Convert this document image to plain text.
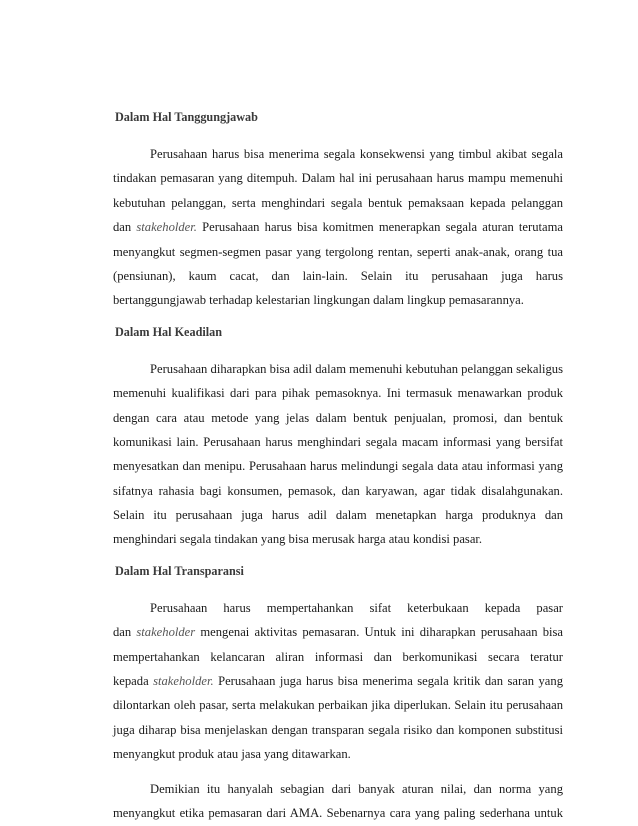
Dalam Hal Tanggungjawab
Perusahaan harus bisa menerima segala konsekwensi yang timbul akibat segala
tindakan pemasaran yang ditempuh. Dalam hal ini perusahaan harus mampu memenuhi
kebutuhan pelanggan, serta menghindari segala bentuk pemaksaan kepada pelanggan
dan stakeholder. Perusahaan harus bisa komitmen menerapkan segala aturan terutama
menyangkut segmen-segmen pasar yang tergolong rentan, seperti anak-anak, orang tua
(pensiunan), kaum cacat, dan lain-lain. Selain itu perusahaan juga harus
bertanggungjawab terhadap kelestarian lingkungan dalam lingkup pemasarannya.
Dalam Hal Keadilan
Perusahaan diharapkan bisa adil dalam memenuhi kebutuhan pelanggan sekaligus
memenuhi kualifikasi dari para pihak pemasoknya. Ini termasuk menawarkan produk
dengan cara atau metode yang jelas dalam bentuk penjualan, promosi, dan bentuk
komunikasi lain. Perusahaan harus menghindari segala macam informasi yang bersifat
menyesatkan dan menipu. Perusahaan harus melindungi segala data atau informasi yang
sifatnya rahasia bagi konsumen, pemasok, dan karyawan, agar tidak disalahgunakan.
Selain itu perusahaan juga harus adil dalam menetapkan harga produknya dan
menghindari segala tindakan yang bisa merusak harga atau kondisi pasar.
Dalam Hal Transparansi
Perusahaan harus mempertahankan sifat keterbukaan kepada pasar
dan stakeholder mengenai aktivitas pemasaran. Untuk ini diharapkan perusahaan bisa
mempertahankan kelancaran aliran informasi dan berkomunikasi secara teratur
kepada stakeholder. Perusahaan juga harus bisa menerima segala kritik dan saran yang
dilontarkan oleh pasar, serta melakukan perbaikan jika diperlukan. Selain itu perusahaan
juga diharap bisa menjelaskan dengan transparan segala risiko dan komponen substitusi
menyangkut produk atau jasa yang ditawarkan.
Demikian itu hanyalah sebagian dari banyak aturan nilai, dan norma yang
menyangkut etika pemasaran dari AMA. Sebenarnya cara yang paling sederhana untuk
